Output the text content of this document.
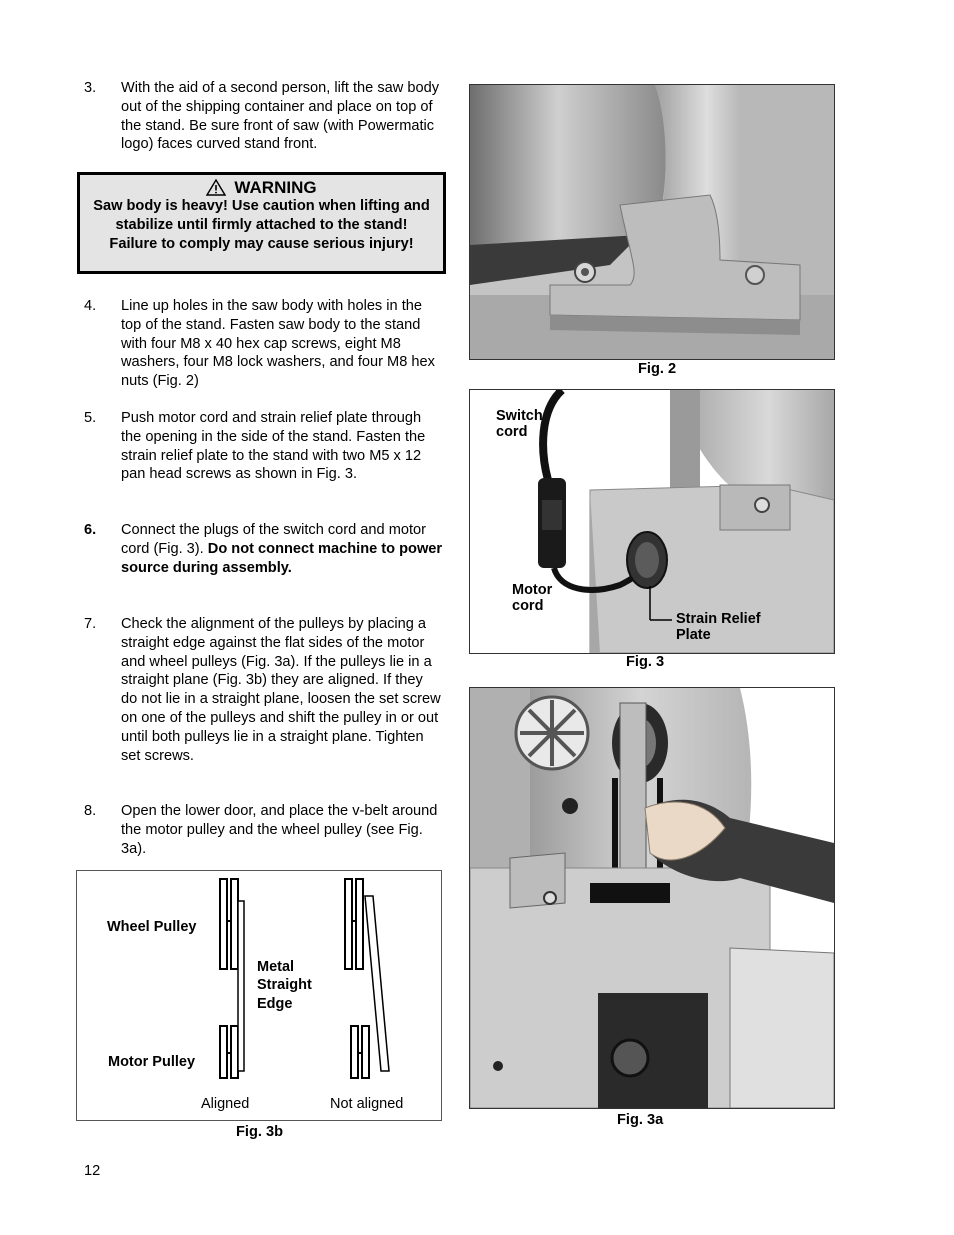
3. With the aid of a second person, lift the saw body out of the shipping container and place on top of the stand. Be sure front of saw (with Powermatic logo) faces curved stand front.
WARNING
Saw body is heavy! Use caution when lifting and stabilize until firmly attached to the stand! Failure to comply may cause serious injury!
4. Line up holes in the saw body with holes in the top of the stand. Fasten saw body to the stand with four M8 x 40 hex cap screws, eight M8 washers, four M8 lock washers, and four M8 hex nuts (Fig. 2)
5. Push motor cord and strain relief plate through the opening in the side of the stand. Fasten the strain relief plate to the stand with two M5 x 12 pan head screws as shown in Fig. 3.
6. Connect the plugs of the switch cord and motor cord (Fig. 3). Do not connect machine to power source during assembly.
7. Check the alignment of the pulleys by placing a straight edge against the flat sides of the motor and wheel pulleys (Fig. 3a). If the pulleys lie in a straight plane (Fig. 3b) they are aligned. If they do not lie in a straight plane, loosen the set screw on one of the pulleys and shift the pulley in or out until both pulleys lie in a straight plane. Tighten set screws.
8. Open the lower door, and place the v-belt around the motor pulley and the wheel pulley (see Fig. 3a).
Fig. 2
Switch
cord
Motor
cord
Strain Relief
Plate
Fig. 3
Fig. 3a
Wheel Pulley
Motor Pulley
Metal
Straight
Edge
Aligned	Not aligned
Fig. 3b
12
